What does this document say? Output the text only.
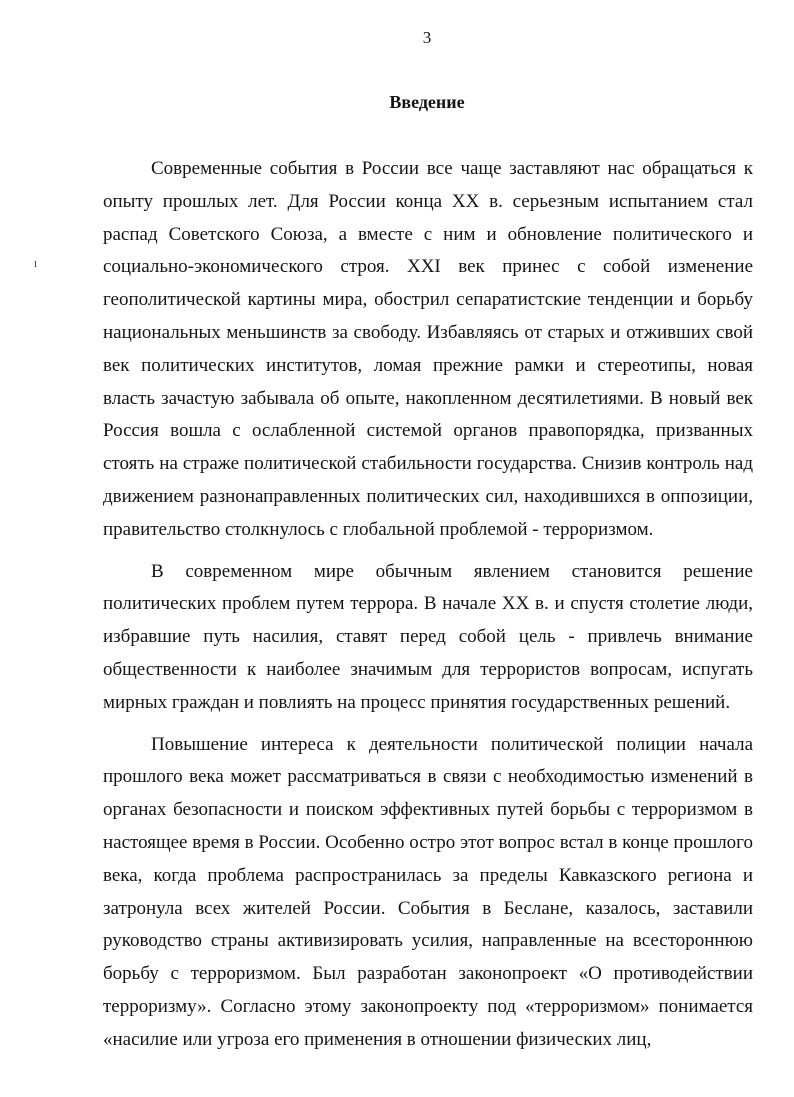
3
Введение
ₗ

Современные события в России все чаще заставляют нас обращаться к опыту прошлых лет. Для России конца XX в. серьезным испытанием стал распад Советского Союза, а вместе с ним и обновление политического и социально-экономического строя. XXI век принес с собой изменение геополитической картины мира, обострил сепаратистские тенденции и борьбу национальных меньшинств за свободу. Избавляясь от старых и отживших свой век политических институтов, ломая прежние рамки и стереотипы, новая власть зачастую забывала об опыте, накопленном десятилетиями. В новый век Россия вошла с ослабленной системой органов правопорядка, призванных стоять на страже политической стабильности государства. Снизив контроль над движением разнонаправленных политических сил, находившихся в оппозиции, правительство столкнулось с глобальной проблемой - терроризмом.

В современном мире обычным явлением становится решение политических проблем путем террора. В начале XX в. и спустя столетие люди, избравшие путь насилия, ставят перед собой цель - привлечь внимание общественности к наиболее значимым для террористов вопросам, испугать мирных граждан и повлиять на процесс принятия государственных решений.

Повышение интереса к деятельности политической полиции начала прошлого века может рассматриваться в связи с необходимостью изменений в органах безопасности и поиском эффективных путей борьбы с терроризмом в настоящее время в России. Особенно остро этот вопрос встал в конце прошлого века, когда проблема распространилась за пределы Кавказского региона и затронула всех жителей России. События в Беслане, казалось, заставили руководство страны активизировать усилия, направленные на всестороннюю борьбу с терроризмом. Был разработан законопроект «О противодействии терроризму». Согласно этому законопроекту под «терроризмом» понимается «насилие или угроза его применения в отношении физических лиц,
